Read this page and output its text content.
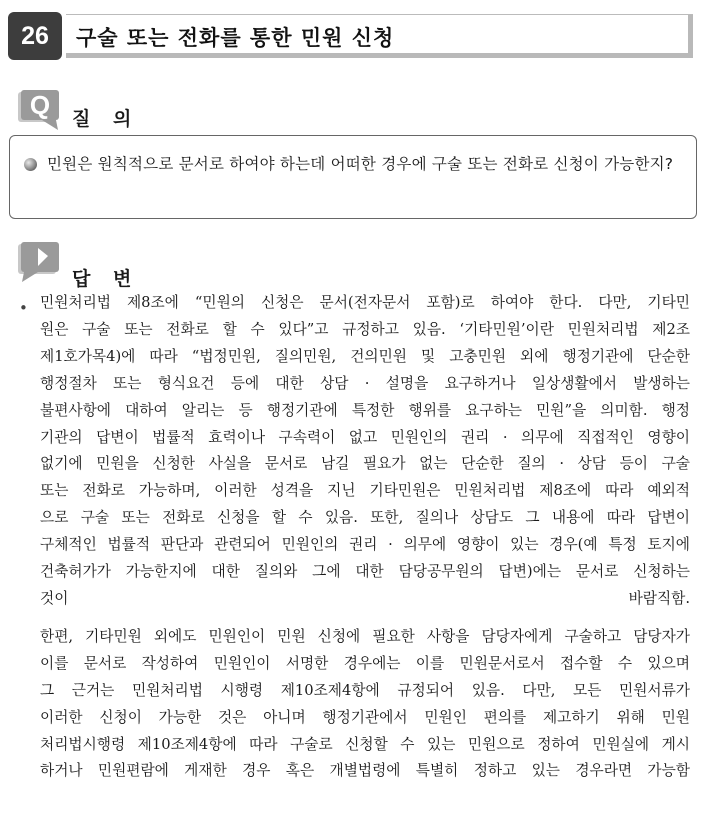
26	구술 또는 전화를 통한 민원 신청
Q 질 의
민원은 원칙적으로 문서로 하여야 하는데 어떠한 경우에 구술 또는 전화로 신청이 가능한지?
답 변
• 민원처리법 제8조에 “민원의 신청은 문서(전자문서 포함)로 하여야 한다. 다만, 기타민
원은 구술 또는 전화로 할 수 있다”고 규정하고 있음. ‘기타민원’이란 민원처리법 제2조
제1호가목4)에 따라 “법정민원, 질의민원, 건의민원 및 고충민원 외에 행정기관에 단순한
행정절차 또는 형식요건 등에 대한 상담 · 설명을 요구하거나 일상생활에서 발생하는
불편사항에 대하여 알리는 등 행정기관에 특정한 행위를 요구하는 민원”을 의미함. 행정
기관의 답변이 법률적 효력이나 구속력이 없고 민원인의 권리 · 의무에 직접적인 영향이
없기에 민원을 신청한 사실을 문서로 남길 필요가 없는 단순한 질의 · 상담 등이 구술
또는 전화로 가능하며, 이러한 성격을 지닌 기타민원은 민원처리법 제8조에 따라 예외적
으로 구술 또는 전화로 신청을 할 수 있음. 또한, 질의나 상담도 그 내용에 따라 답변이
구체적인 법률적 판단과 관련되어 민원인의 권리 · 의무에 영향이 있는 경우(예 특정 토지에
건축허가가 가능한지에 대한 질의와 그에 대한 담당공무원의 답변)에는 문서로 신청하는
것이 바람직함.

한편, 기타민원 외에도 민원인이 민원 신청에 필요한 사항을 담당자에게 구술하고 담당자가
이를 문서로 작성하여 민원인이 서명한 경우에는 이를 민원문서로서 접수할 수 있으며
그 근거는 민원처리법 시행령 제10조제4항에 규정되어 있음. 다만, 모든 민원서류가
이러한 신청이 가능한 것은 아니며 행정기관에서 민원인 편의를 제고하기 위해 민원
처리법시행령 제10조제4항에 따라 구술로 신청할 수 있는 민원으로 정하여 민원실에 게시
하거나 민원편람에 게재한 경우 혹은 개별법령에 특별히 정하고 있는 경우라면 가능함
